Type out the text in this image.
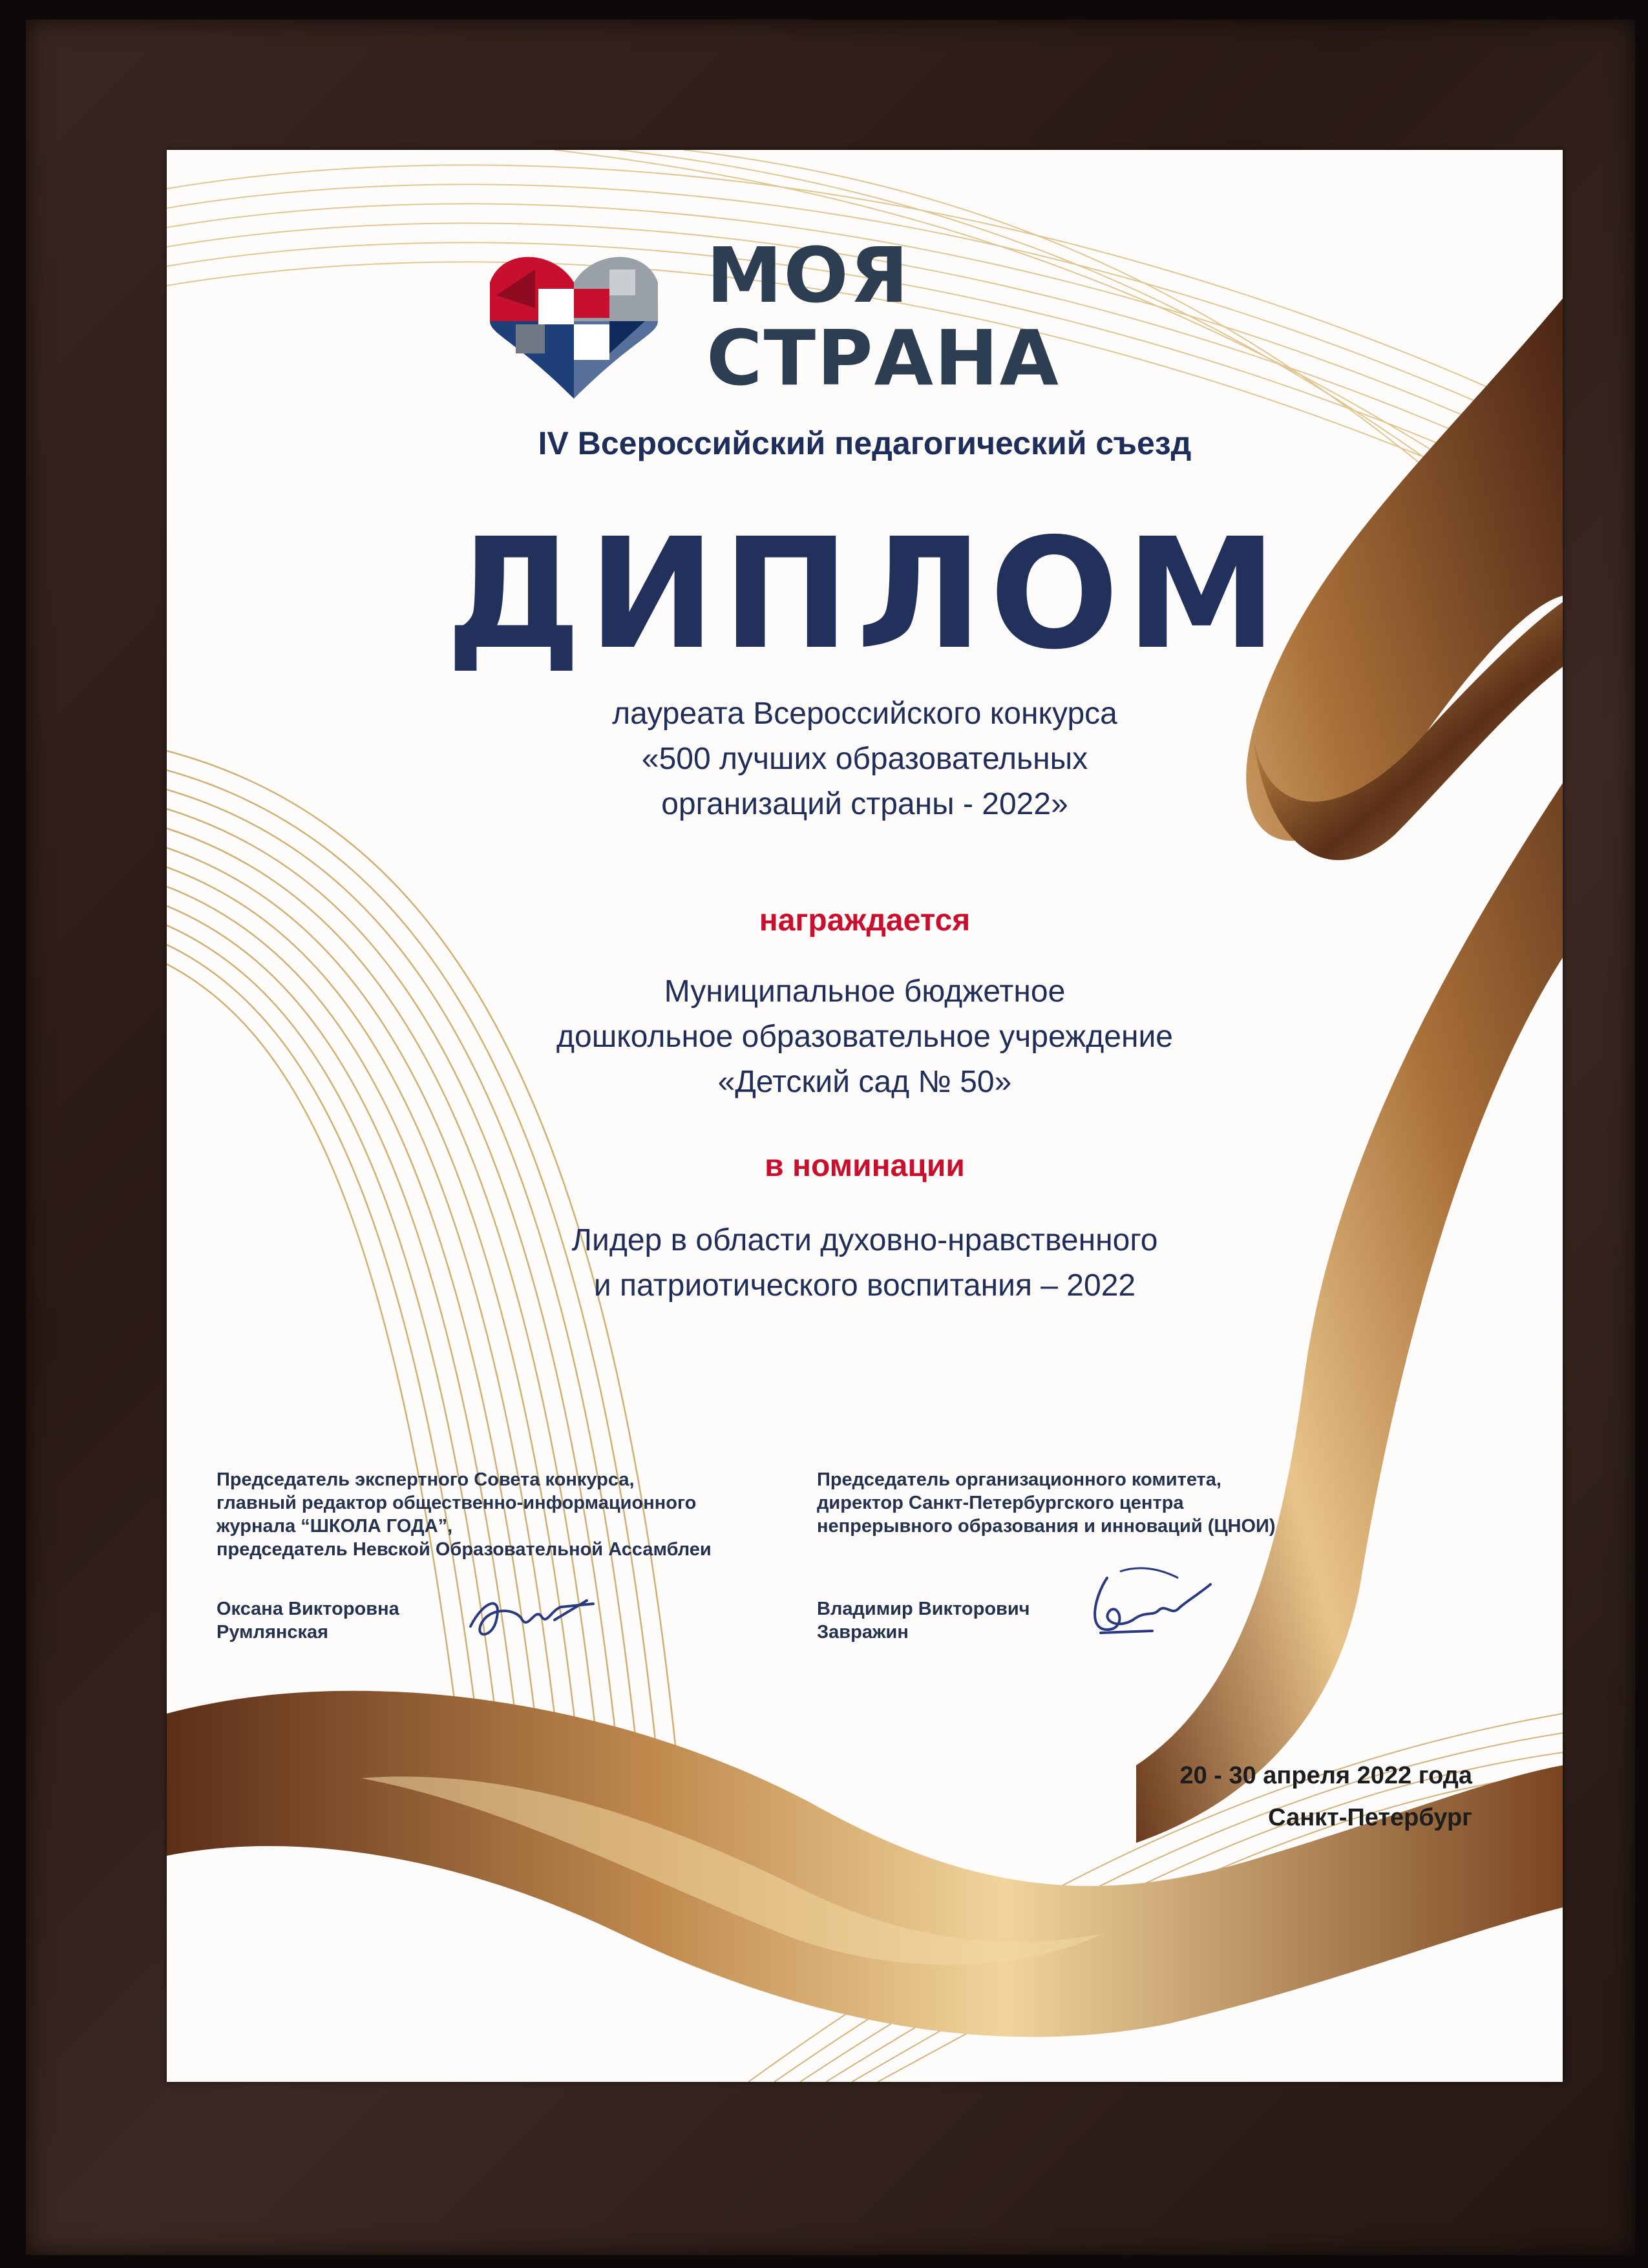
МОЯ
СТРАНА
IV Всероссийский педагогический съезд
ДИПЛОМ
лауреата Всероссийского конкурса
«500 лучших образовательных
организаций страны - 2022»
награждается
Муниципальное бюджетное
дошкольное образовательное учреждение
«Детский сад № 50»
в номинации
Лидер в области духовно-нравственного
и патриотического воспитания – 2022
Председатель экспертного Совета конкурса,
главный редактор общественно-информационного
журнала “ШКОЛА ГОДА”,
председатель Невской Образовательной Ассамблеи
Председатель организационного комитета,
директор Санкт-Петербургского центра
непрерывного образования и инноваций (ЦНОИ)
Оксана Викторовна
Румлянская
Владимир Викторович
Завражин
20 - 30 апреля 2022 года
Санкт-Петербург
